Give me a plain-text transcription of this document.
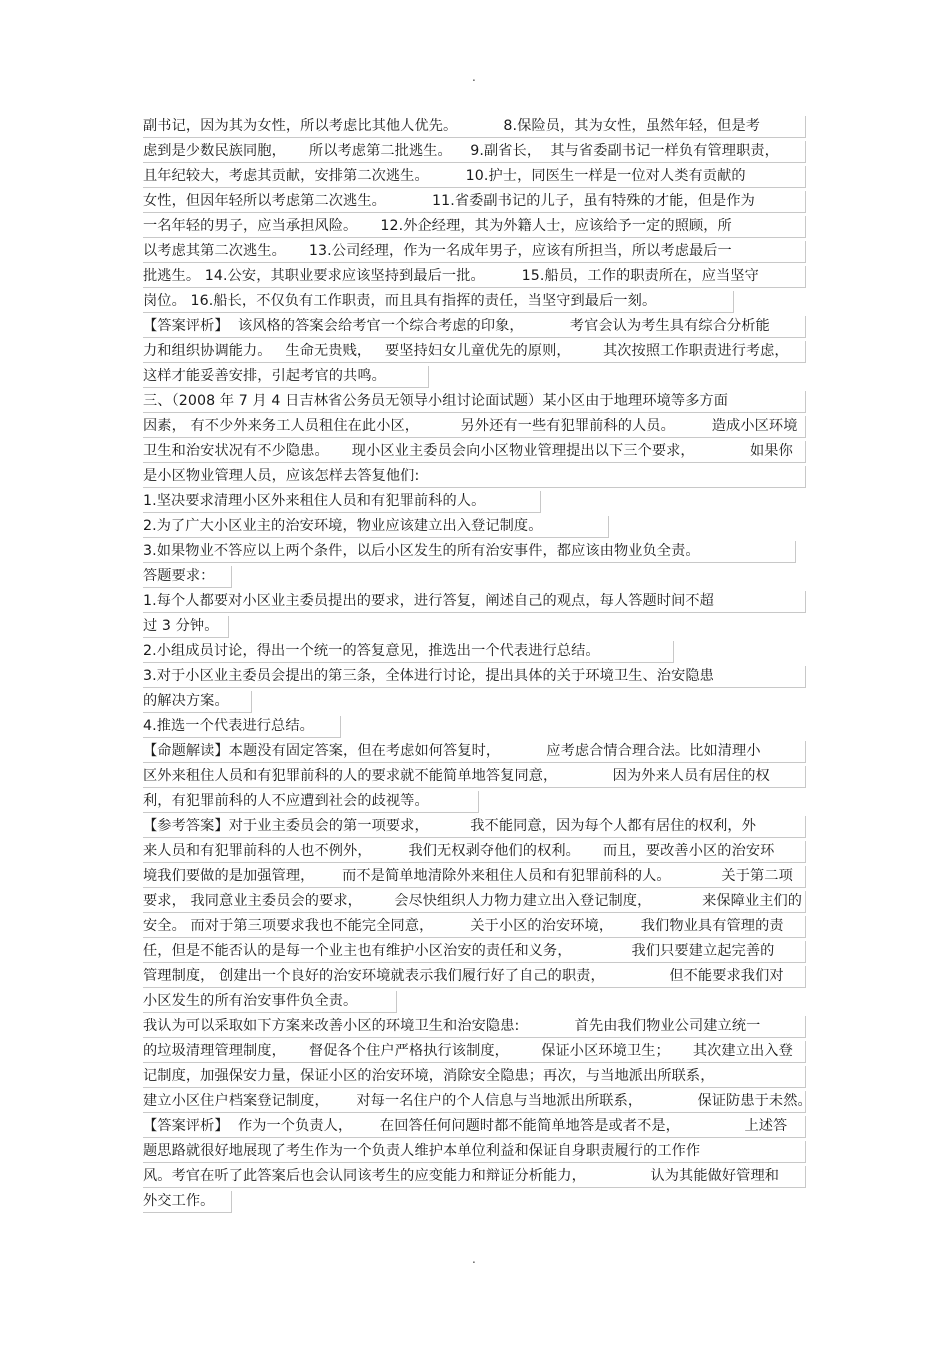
.
副书记，因为其为女性，所以考虑比其他人优先。          8.保险员，其为女性，虽然年轻，但是考
虑到是少数民族同胞，     所以考虑第二批逃生。    9.副省长，  其与省委副书记一样负有管理职责，
且年纪较大，考虑其贡献，安排第二次逃生。        10.护士，同医生一样是一位对人类有贡献的
女性，但因年轻所以考虑第二次逃生。          11.省委副书记的儿子，虽有特殊的才能，但是作为
一名年轻的男子，应当承担风险。     12.外企经理，其为外籍人士，应该给予一定的照顾，所
以考虑其第二次逃生。     13.公司经理，作为一名成年男子，应该有所担当，所以考虑最后一
批逃生。 14.公安，其职业要求应该坚持到最后一批。        15.船员，工作的职责所在，应当坚守
岗位。 16.船长，不仅负有工作职责，而且具有指挥的责任，当坚守到最后一刻。
【答案评析】  该风格的答案会给考官一个综合考虑的印象，          考官会认为考生具有综合分析能
力和组织协调能力。   生命无贵贱，   要坚持妇女儿童优先的原则，       其次按照工作职责进行考虑，
这样才能妥善安排，引起考官的共鸣。
三、（2008 年 7 月 4 日吉林省公务员无领导小组讨论面试题）某小区由于地理环境等多方面
因素， 有不少外来务工人员租住在此小区，         另外还有一些有犯罪前科的人员。        造成小区环境
卫生和治安状况有不少隐患。     现小区业主委员会向小区物业管理提出以下三个要求，            如果你
是小区物业管理人员，应该怎样去答复他们:
1.坚决要求清理小区外来租住人员和有犯罪前科的人。
2.为了广大小区业主的治安环境，物业应该建立出入登记制度。
3.如果物业不答应以上两个条件，以后小区发生的所有治安事件，都应该由物业负全责。
答题要求：
1.每个人都要对小区业主委员提出的要求，进行答复，阐述自己的观点，每人答题时间不超
过 3 分钟。
2.小组成员讨论，得出一个统一的答复意见，推选出一个代表进行总结。
3.对于小区业主委员会提出的第三条，全体进行讨论，提出具体的关于环境卫生、治安隐患
的解决方案。
4.推选一个代表进行总结。
【命题解读】本题没有固定答案，但在考虑如何答复时，          应考虑合情合理合法。比如清理小
区外来租住人员和有犯罪前科的人的要求就不能简单地答复同意，            因为外来人员有居住的权
利，有犯罪前科的人不应遭到社会的歧视等。
【参考答案】对于业主委员会的第一项要求，         我不能同意，因为每个人都有居住的权利，外
来人员和有犯罪前科的人也不例外，        我们无权剥夺他们的权利。     而且，要改善小区的治安环
境我们要做的是加强管理，      而不是简单地清除外来租住人员和有犯罪前科的人。           关于第二项
要求， 我同意业主委员会的要求，       会尽快组织人力物力建立出入登记制度，           来保障业主们的
安全。 而对于第三项要求我也不能完全同意，        关于小区的治安环境，      我们物业具有管理的责
任，但是不能否认的是每一个业主也有维护小区治安的责任和义务，             我们只要建立起完善的
管理制度， 创建出一个良好的治安环境就表示我们履行好了自己的职责，              但不能要求我们对
小区发生的所有治安事件负全责。
我认为可以采取如下方案来改善小区的环境卫生和治安隐患:            首先由我们物业公司建立统一
的垃圾清理管理制度，     督促各个住户严格执行该制度，       保证小区环境卫生；     其次建立出入登
记制度，加强保安力量，保证小区的治安环境，消除安全隐患；再次，与当地派出所联系，
建立小区住户档案登记制度，      对每一名住户的个人信息与当地派出所联系，            保证防患于未然。
【答案评析】  作为一个负责人，      在回答任何问题时都不能简单地答是或者不是，              上述答
题思路就很好地展现了考生作为一个负责人维护本单位利益和保证自身职责履行的工作作
风。考官在听了此答案后也会认同该考生的应变能力和辩证分析能力，              认为其能做好管理和
外交工作。
.
